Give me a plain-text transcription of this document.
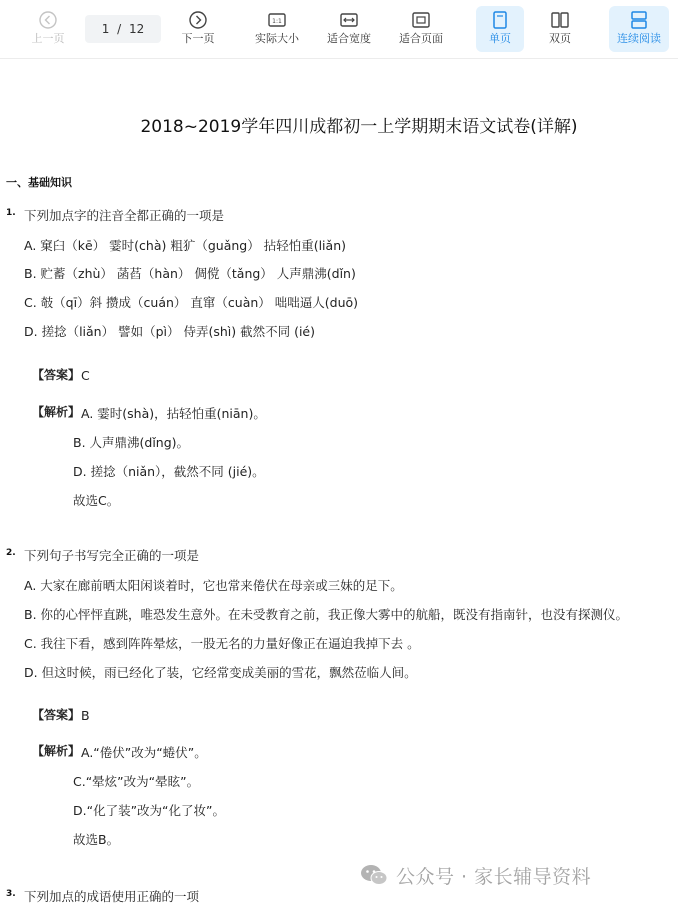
上一页
1 / 12
下一页
1:1
实际大小	适合宽度	适合页面	单页	双页	连续阅读
2018~2019学年四川成都初一上学期期末语文试卷(详解)
一、基础知识
1. 下列加点字的注音全都正确的一项是
A. 窠臼（kē） 霎时(chà) 粗犷（guǎng） 拈轻怕重(liǎn)
B. 贮蓄（zhù） 菡萏（hàn） 倜傥（tǎng） 人声鼎沸(dǐn)
C. 攲（qī）斜 攒成（cuán） 直窜（cuàn） 咄咄逼人(duō)
D. 搓捻（liǎn） 譬如（pì） 侍弄(shì) 截然不同 (ié)
【答案】 C
【解析】 A. 霎时(shà)，拈轻怕重(niān)。
B. 人声鼎沸(dǐng)。
D. 搓捻（niǎn），截然不同 (jié)。
故选C。
2. 下列句子书写完全正确的一项是
A. 大家在廊前晒太阳闲谈着时，它也常来倦伏在母亲或三妹的足下。
B. 你的心怦怦直跳，唯恐发生意外。在未受教育之前，我正像大雾中的航船，既没有指南针，也没有探测仪。
C. 我往下看，感到阵阵晕炫，一股无名的力量好像正在逼迫我掉下去 。
D. 但这时候，雨已经化了装，它经常变成美丽的雪花，飘然莅临人间。
【答案】 B
【解析】 A.“倦伏”改为“蜷伏”。
C.“晕炫”改为“晕眩”。
D.“化了装”改为“化了妆”。
故选B。
3. 下列加点的成语使用正确的一项
公众号 · 家长辅导资料
